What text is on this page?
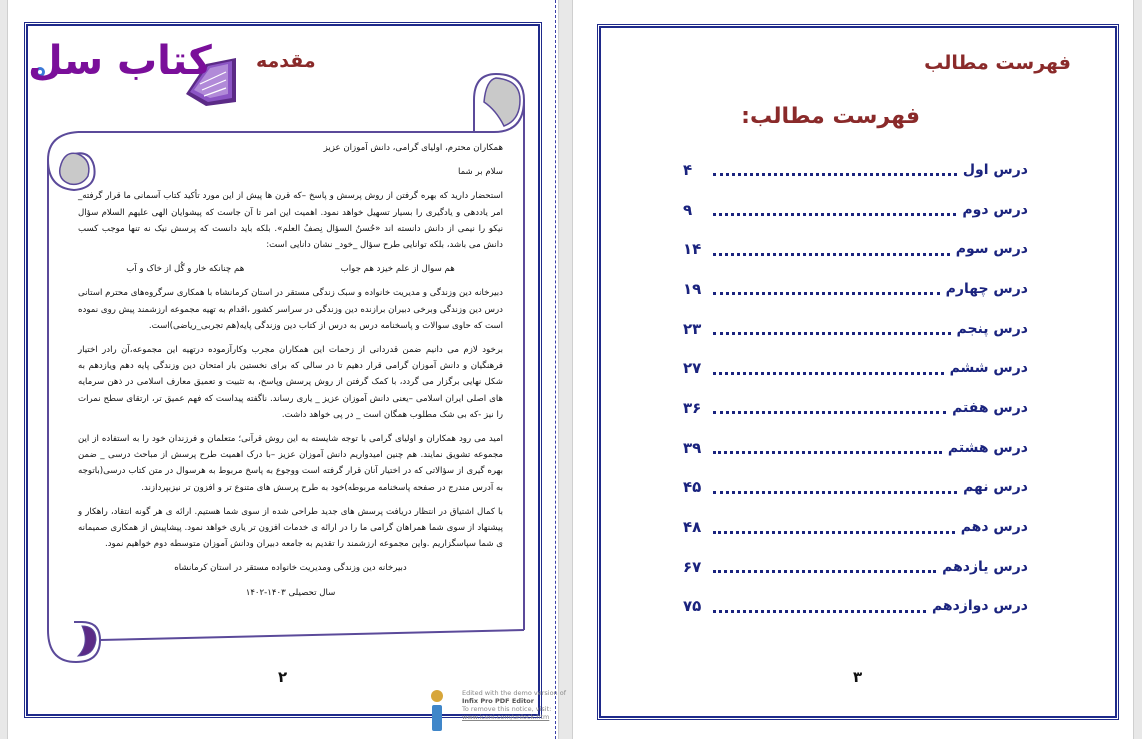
کتاب سل مقدمه

همکاران محترم، اولیای گرامی، دانش آموزان عزیز

سلام بر شما

استحضار دارید که بهره گرفتن از روش پرسش و پاسخ –که قرن ها پیش از این مورد تأکید کتاب آسمانی ما قرار گرفته_ امر یاددهی و یادگیری را بسیار تسهیل خواهد نمود. اهمیت این امر تا آن جاست که پیشوایان الهی علیهم السلام سؤال نیکو را نیمی از دانش دانسته اند «حُسنُ السؤال نِصفُ العلم». بلکه باید دانست که پرسش نیک نه تنها موجب کسب دانش می باشد، بلکه توانایی طرح سؤال _خود_ نشان دانایی است:

هم سوال از علم خیزد هم جواب
هم چنانکه خار و گُل از خاک و آب

دبیرخانه دین وزندگی و مدیریت خانواده و سبک زندگی مستقر در استان کرمانشاه با همکاری سرگروه‌های محترم استانی درس دین وزندگی وبرخی دبیران برازنده دین وزندگی در سراسر کشور ،اقدام به تهیه مجموعه ارزشمند پیش روی نموده است که حاوی سوالات و پاسخنامه درس به درس از کتاب دین وزندگی پایه(هم تجربی_ریاضی)است.

برخود لازم می دانیم ضمن قدردانی از زحمات این همکاران مجرب وکارآزموده درتهیه این مجموعه،آن رادر اختیار فرهنگیان و دانش آموزان گرامی قرار دهیم تا در سالی که برای نخستین بار امتحان دین وزندگی پایه دهم ویازدهم به شکل نهایی برگزار می گردد، با کمک گرفتن از روش پرسش وپاسخ، به تثبیت و تعمیق معارف اسلامی در ذهن سرمایه های اصلی ایران اسلامی –یعنی دانش آموزان عزیز _ یاری رساند. ناگفته پیداست که فهم عمیق تر، ارتقای سطح نمرات را نیز -که بی شک مطلوب همگان است _ در پی خواهد داشت.

امید می رود همکاران و اولیای گرامی با توجه شایسته به این روش قرآنی؛ متعلمان و فرزندان خود را به استفاده از این مجموعه تشویق نمایند. هم چنین امیدواریم دانش آموزان عزیز –با درک اهمیت طرح پرسش از مباحث درسی _ ضمن بهره گیری از سؤالاتی که در اختیار آنان قرار گرفته است ووجوع به پاسخ مربوط به هرسوال در متن کتاب درسی(باتوجه به آدرس مندرج در صفحه پاسخنامه مربوطه)خود به طرح پرسش های متنوع تر و افزون تر نیزبپردازند.

با کمال اشتیاق در انتظار دریافت پرسش های جدید طراحی شده از سوی شما هستیم. ارائه ی هر گونه انتقاد، راهکار و پیشنهاد از سوی شما همراهان گرامی ما را در ارائه ی خدمات افزون تر یاری خواهد نمود. پیشاپیش از همکاری صمیمانه ی شما سپاسگزاریم .واین مجموعه ارزشمند را تقدیم به جامعه دبیران ودانش آموزان متوسطه دوم خواهیم نمود.

دبیرخانه دین وزندگی ومدیریت خانواده مستقر در استان کرمانشاه

سال تحصیلی ۱۴۰۳-۱۴۰۲

۲
فهرست مطالب
فهرست مطالب:
درس اول
۴
درس دوم
۹
درس سوم
۱۴
درس چهارم
۱۹
درس پنجم
۲۳
درس ششم
۲۷
درس هفتم
۳۶
درس هشتم
۳۹
درس نهم
۴۵
درس دهم
۴۸
درس یازدهم
۶۷
درس دوازدهم
۷۵
۳
Edited with the demo version of
Infix Pro PDF Editor
To remove this notice, visit:
www.iceni.com/unlock.htm
